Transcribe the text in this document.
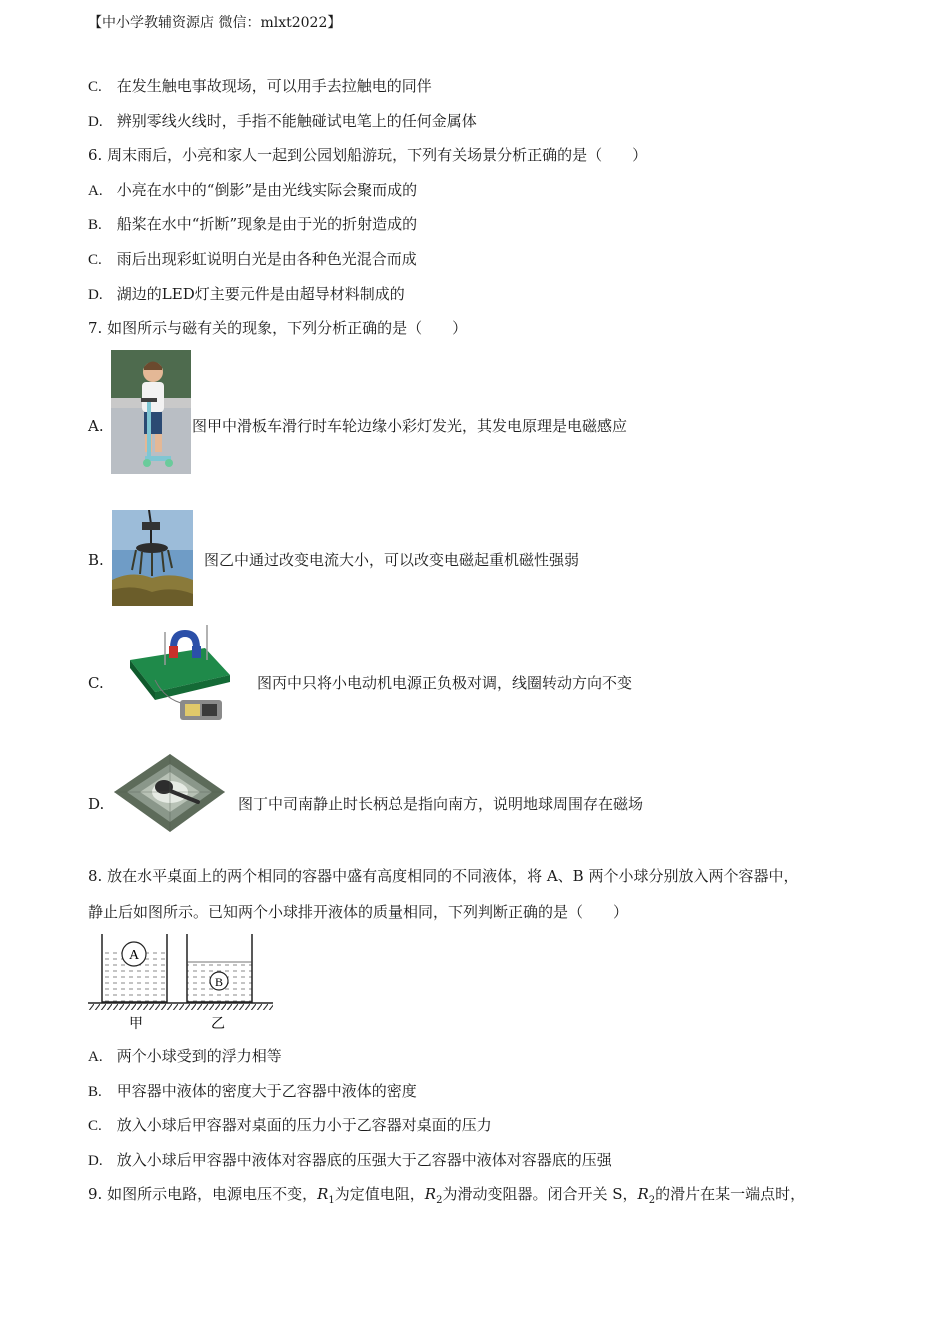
【中小学教辅资源店 微信：mlxt2022】
C. 在发生触电事故现场，可以用手去拉触电的同伴
D. 辨别零线火线时，手指不能触碰试电笔上的任何金属体
6. 周末雨后，小亮和家人一起到公园划船游玩，下列有关场景分析正确的是（　　）
A. 小亮在水中的“倒影”是由光线实际会聚而成的
B. 船桨在水中“折断”现象是由于光的折射造成的
C. 雨后出现彩虹说明白光是由各种色光混合而成
D. 湖边的LED灯主要元件是由超导材料制成的
7. 如图所示与磁有关的现象，下列分析正确的是（　　）
A.	图甲中滑板车滑行时车轮边缘小彩灯发光，其发电原理是电磁感应
B.	图乙中通过改变电流大小，可以改变电磁起重机磁性强弱
C.	图丙中只将小电动机电源正负极对调，线圈转动方向不变
D.	图丁中司南静止时长柄总是指向南方，说明地球周围存在磁场
8. 放在水平桌面上的两个相同的容器中盛有高度相同的不同液体，将 A、B 两个小球分别放入两个容器中，
静止后如图所示。已知两个小球排开液体的质量相同，下列判断正确的是（　　）
A
B
甲	乙
A. 两个小球受到的浮力相等
B. 甲容器中液体的密度大于乙容器中液体的密度
C. 放入小球后甲容器对桌面的压力小于乙容器对桌面的压力
D. 放入小球后甲容器中液体对容器底的压强大于乙容器中液体对容器底的压强
9. 如图所示电路，电源电压不变，$R_1$为定值电阻，$R_2$为滑动变阻器。闭合开关 S，$R_2$的滑片在某一端点时，
